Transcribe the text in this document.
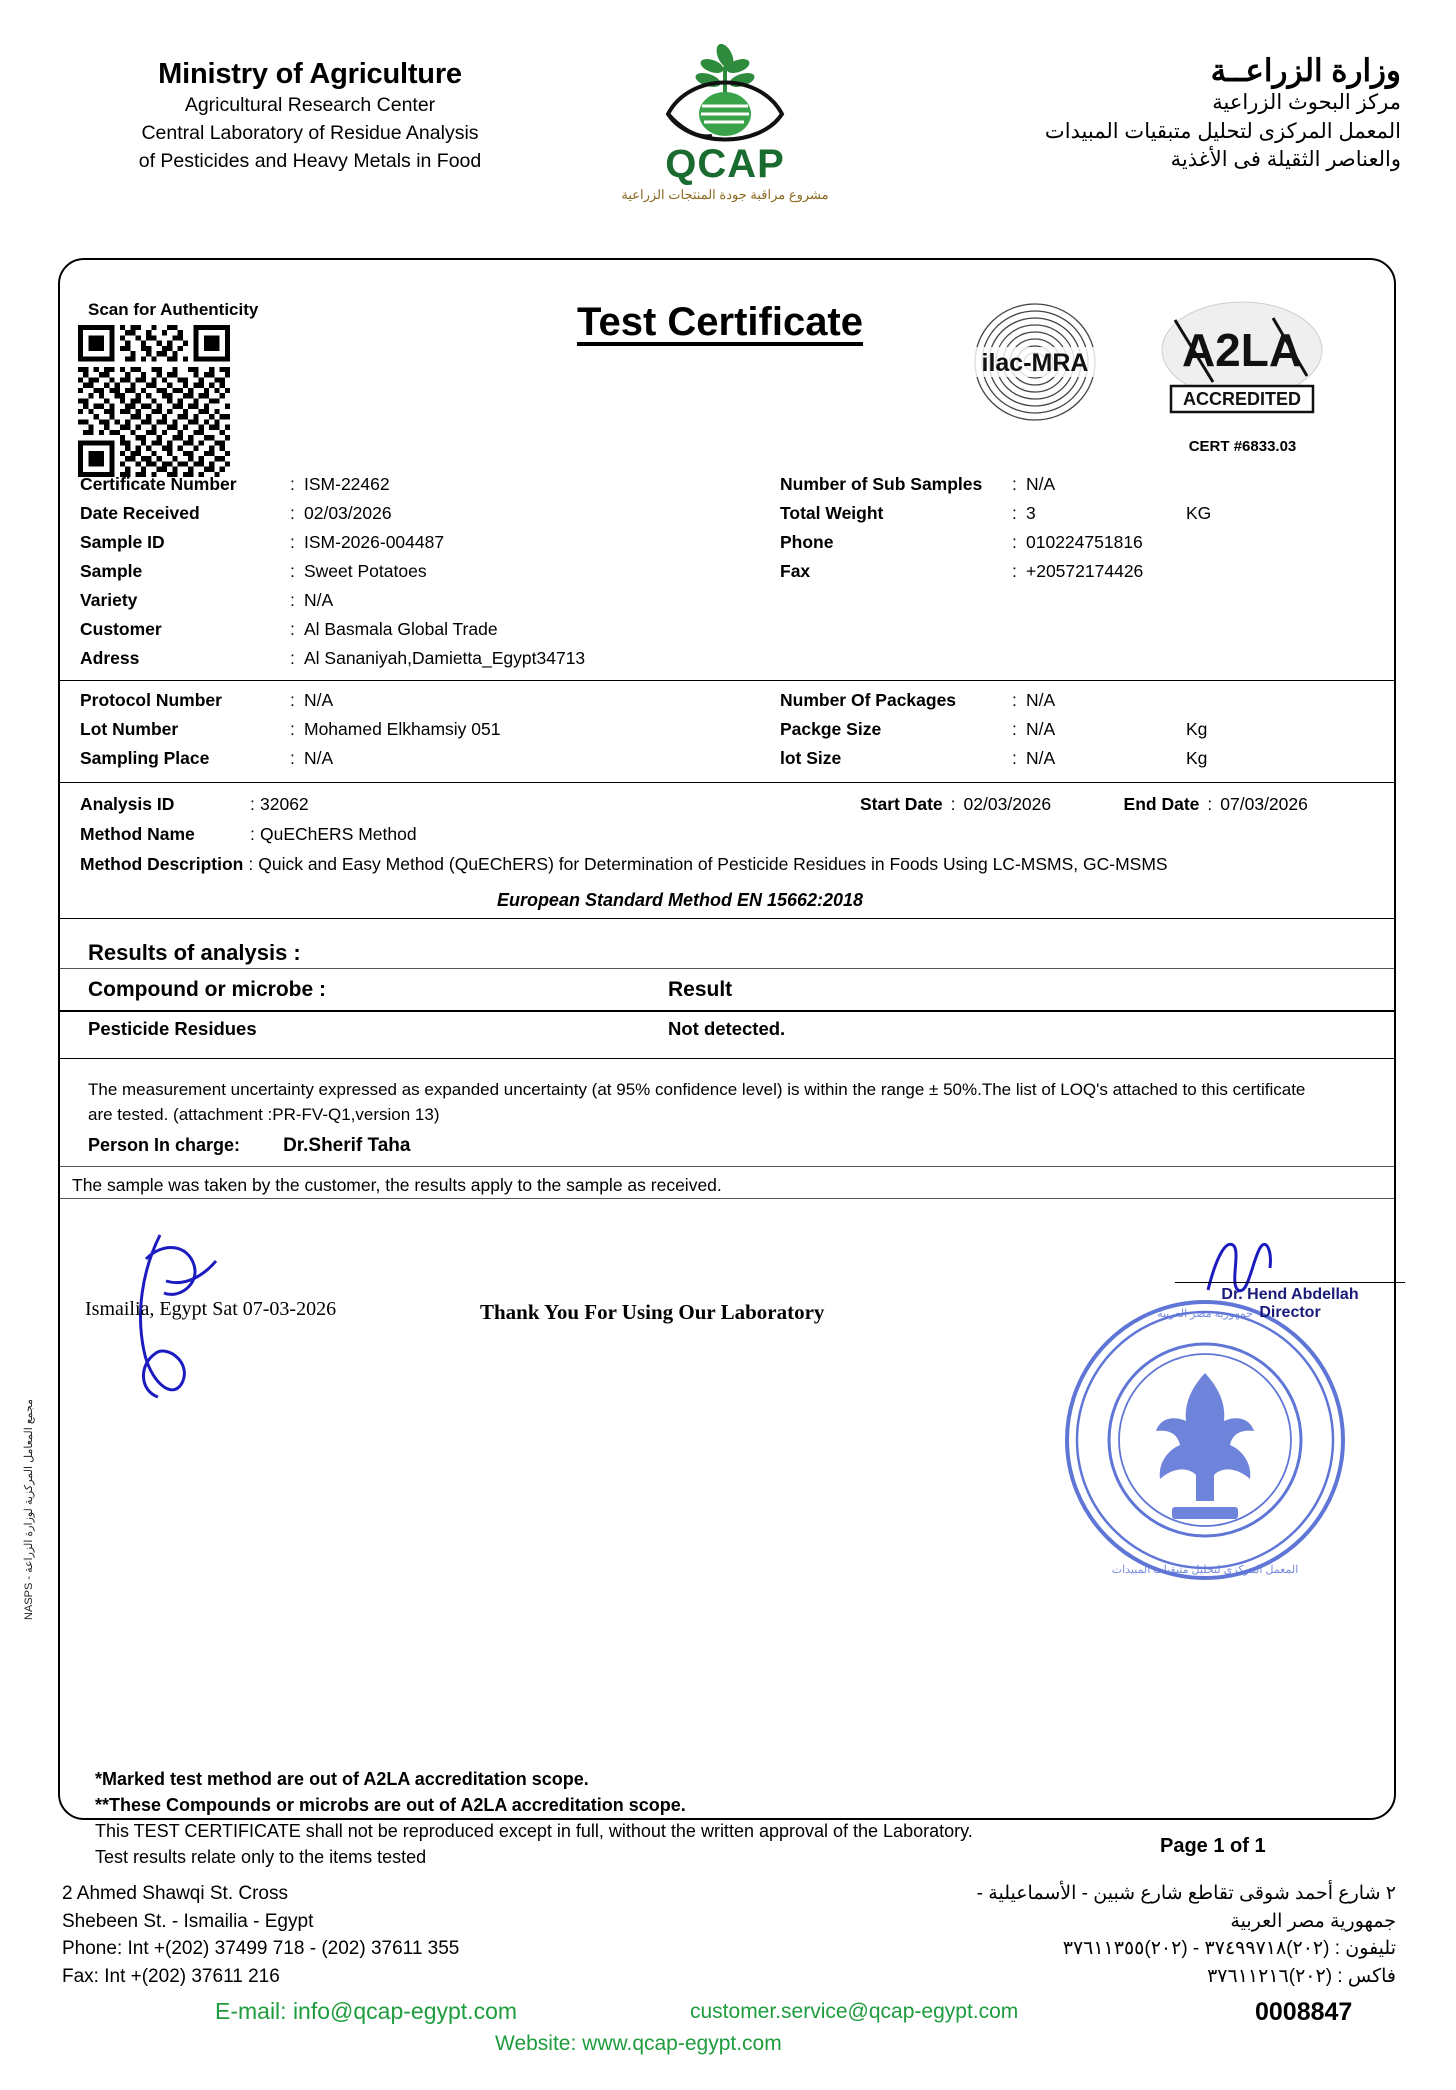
Ministry of Agriculture
Agricultural Research Center
Central Laboratory of Residue Analysis
of Pesticides and Heavy Metals in Food	QCAP
مشروع مراقبة جودة المنتجات الزراعية
وزارة الزراعــة
مركز البحوث الزراعية
المعمل المركزى لتحليل متبقيات المبيدات
والعناصر الثقيلة فى الأغذية
Scan for Authenticity	Test Certificate
ilac-MRA A2LA
ACCREDITED
CERT #6833.03
Certificate Number	: ISM-22462	Number of Sub Samples	: N/A
Date Received	: 02/03/2026	Total Weight	: 3	KG
Sample ID	: ISM-2026-004487	Phone	: 010224751816
Sample	: Sweet Potatoes	Fax	: +20572174426
Variety	: N/A
Customer	: Al Basmala Global Trade
Adress	: Al Sananiyah,Damietta_Egypt34713
Protocol Number	: N/A	Number Of Packages	: N/A
Lot Number	: Mohamed Elkhamsiy 051	Packge Size	: N/A	Kg
Sampling Place	: N/A	lot Size	: N/A	Kg
Analysis ID	: 32062	Start Date : 02/03/2026	End Date : 07/03/2026
Method Name	: QuEChERS Method
Method Description : Quick and Easy Method (QuEChERS) for Determination of Pesticide Residues in Foods Using LC-MSMS, GC-MSMS
European Standard Method EN 15662:2018
Results of analysis :
Compound or microbe :	Result
Pesticide Residues	Not detected.
The measurement uncertainty expressed as expanded uncertainty (at 95% confidence level) is within the range ± 50%.The list of LOQ's attached to this certificate are tested. (attachment :PR-FV-Q1,version 13)
Person In charge: Dr.Sherif Taha
The sample was taken by the customer, the results apply to the sample as received.
جمهورية مصر العربية
المعمل المركزى لتحليل متبقيات المبيدات
Ismailia, Egypt Sat 07-03-2026	Thank You For Using Our Laboratory
Dr. Hend Abdellah
Director
مجمع المعامل المركزية لوزارة الزراعة - NASPS
*Marked test method are out of A2LA accreditation scope.
**These Compounds or microbs are out of A2LA accreditation scope.
This TEST CERTIFICATE shall not be reproduced except in full, without the written approval of the Laboratory.
Test results relate only to the items tested
Page 1 of 1
2 Ahmed Shawqi St. Cross
Shebeen St. - Ismailia - Egypt
Phone: Int +(202) 37499 718 - (202) 37611 355
Fax: Int +(202) 37611 216
٢ شارع أحمد شوقى تقاطع شارع شبين - الأسماعيلية -
جمهورية مصر العربية
تليفون : (٢٠٢)٣٧٤٩٩٧١٨ - (٢٠٢)٣٧٦١١٣٥٥
فاكس : (٢٠٢)٣٧٦١١٢١٦
E-mail: info@qcap-egypt.com	customer.service@qcap-egypt.com
Website: www.qcap-egypt.com
0008847
